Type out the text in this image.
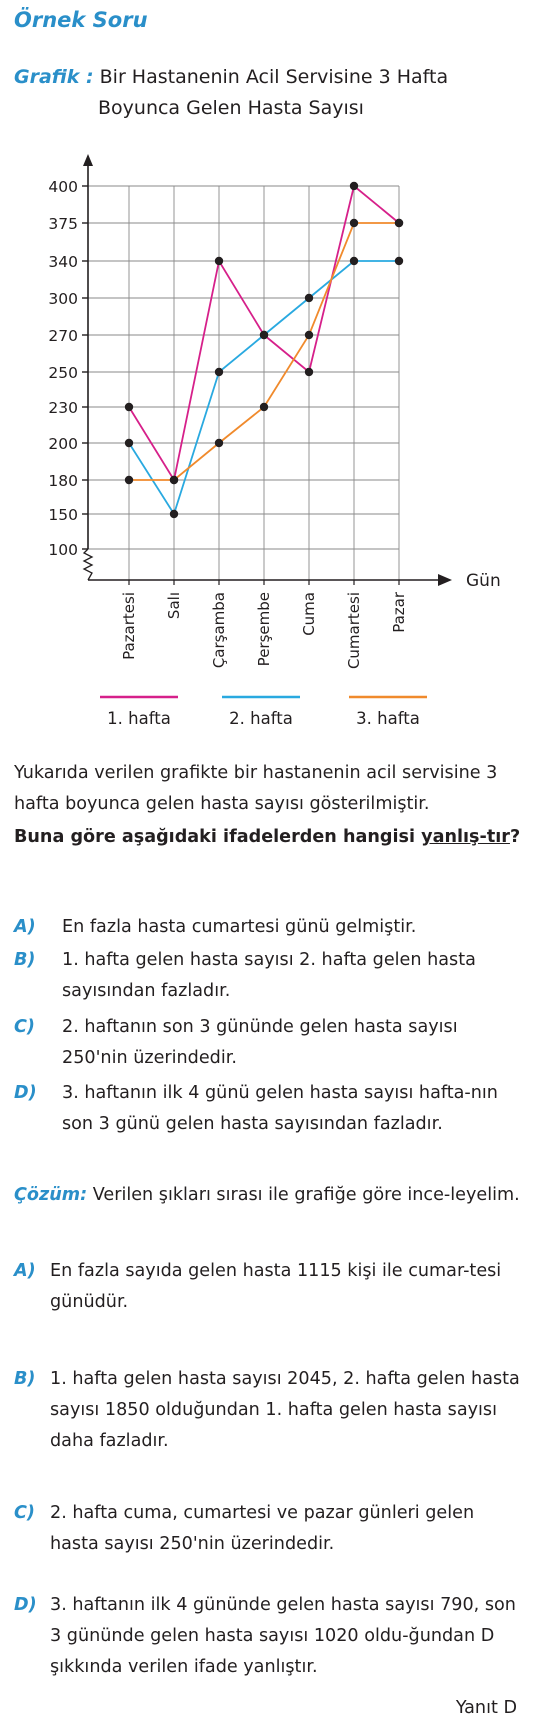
Örnek Soru
Grafik : Bir Hastanenin Acil Servisine 3 Hafta
Boyunca Gelen Hasta Sayısı
100
150
180
200
230
250
270
300
340
375
400
Gün
Pazartesi Salı Çarşamba Perşembe Cuma Cumartesi Pazar
1. hafta	2. hafta	3. hafta
Yukarıda verilen grafikte bir hastanenin acil servisine 3 hafta boyunca gelen hasta sayısı gösterilmiştir.
Buna göre aşağıdaki ifadelerden hangisi yanlış-tır?
A)	En fazla hasta cumartesi günü gelmiştir.
B)	1. hafta gelen hasta sayısı 2. hafta gelen hasta sayısından fazladır.
C)	2. haftanın son 3 gününde gelen hasta sayısı 250'nin üzerindedir.
D)	3. haftanın ilk 4 günü gelen hasta sayısı hafta-nın son 3 günü gelen hasta sayısından fazladır.
Çözüm: Verilen şıkları sırası ile grafiğe göre ince-leyelim.
A) En fazla sayıda gelen hasta 1115 kişi ile cumar-tesi günüdür.
B) 1. hafta gelen hasta sayısı 2045, 2. hafta gelen hasta sayısı 1850 olduğundan 1. hafta gelen hasta sayısı daha fazladır.
C) 2. hafta cuma, cumartesi ve pazar günleri gelen hasta sayısı 250'nin üzerindedir.
D) 3. haftanın ilk 4 gününde gelen hasta sayısı 790, son 3 gününde gelen hasta sayısı 1020 oldu-ğundan D şıkkında verilen ifade yanlıştır.
Yanıt D
